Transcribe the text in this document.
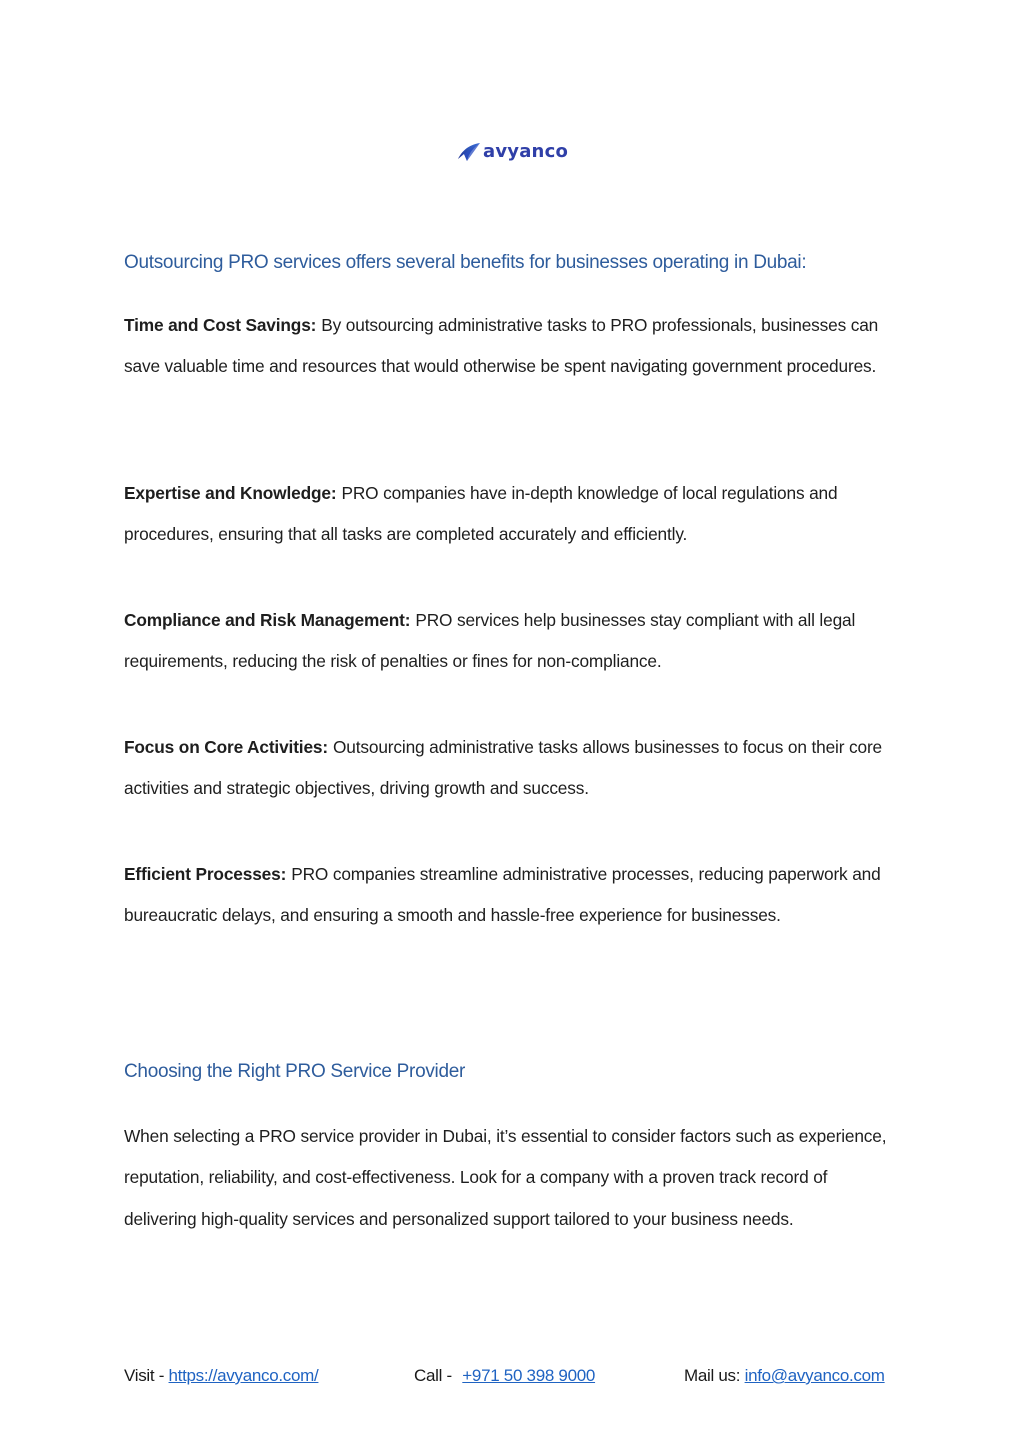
avyanco
Outsourcing PRO services offers several benefits for businesses operating in Dubai:
Time and Cost Savings: By outsourcing administrative tasks to PRO professionals, businesses can save valuable time and resources that would otherwise be spent navigating government procedures.
Expertise and Knowledge: PRO companies have in-depth knowledge of local regulations and procedures, ensuring that all tasks are completed accurately and efficiently.
Compliance and Risk Management: PRO services help businesses stay compliant with all legal requirements, reducing the risk of penalties or fines for non-compliance.
Focus on Core Activities: Outsourcing administrative tasks allows businesses to focus on their core activities and strategic objectives, driving growth and success.
Efficient Processes: PRO companies streamline administrative processes, reducing paperwork and bureaucratic delays, and ensuring a smooth and hassle-free experience for businesses.
Choosing the Right PRO Service Provider
When selecting a PRO service provider in Dubai, it’s essential to consider factors such as experience, reputation, reliability, and cost-effectiveness. Look for a company with a proven track record of delivering high-quality services and personalized support tailored to your business needs.
Visit - https://avyanco.com/	Call - +971 50 398 9000	Mail us: info@avyanco.com
